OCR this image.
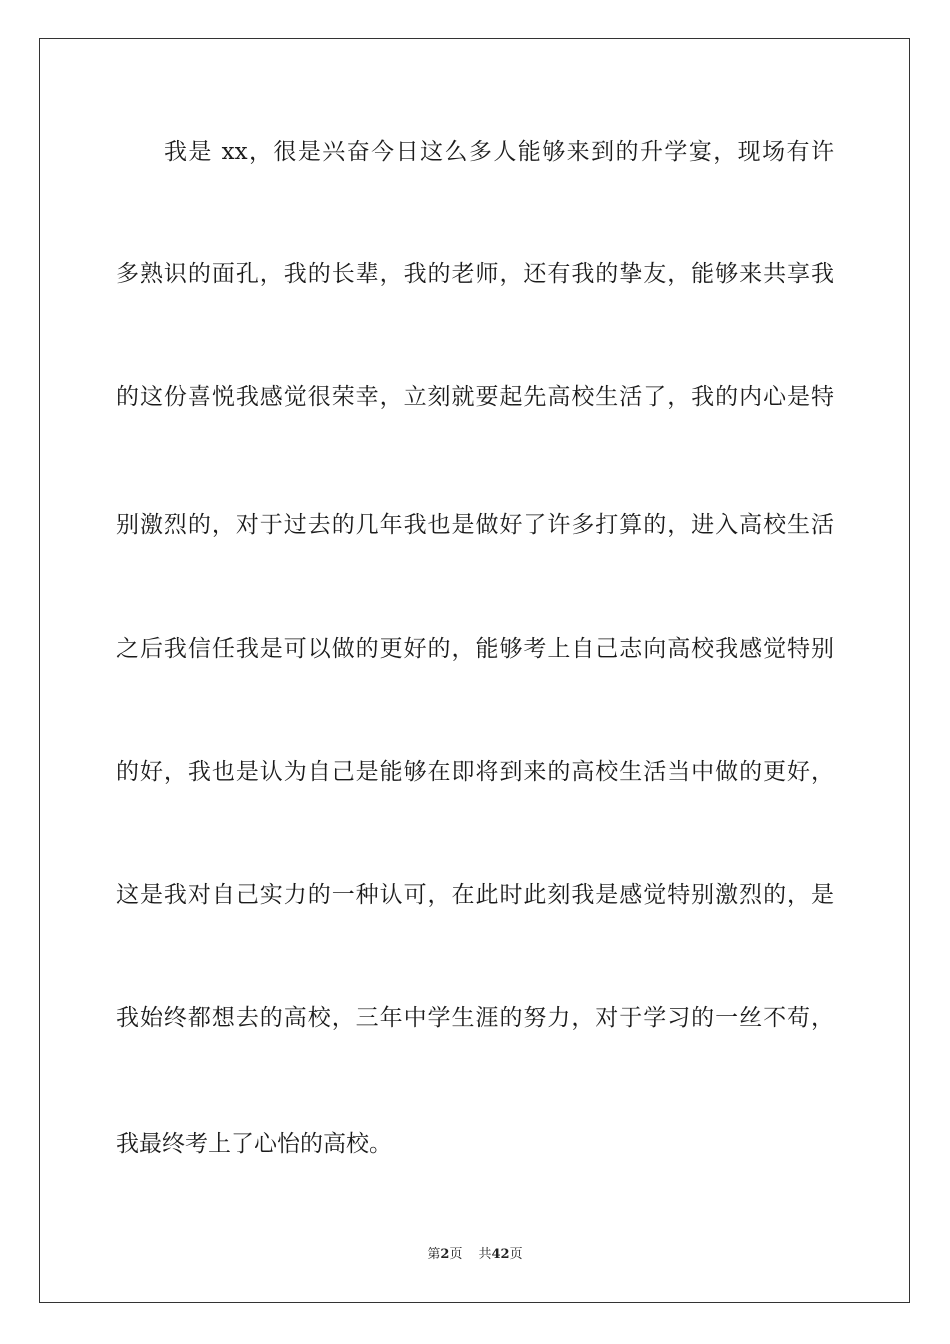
我是 xx，很是兴奋今日这么多人能够来到的升学宴，现场有许
多熟识的面孔，我的长辈，我的老师，还有我的挚友，能够来共享我
的这份喜悦我感觉很荣幸，立刻就要起先高校生活了，我的内心是特
别激烈的，对于过去的几年我也是做好了许多打算的，进入高校生活
之后我信任我是可以做的更好的，能够考上自己志向高校我感觉特别
的好，我也是认为自己是能够在即将到来的高校生活当中做的更好，
这是我对自己实力的一种认可，在此时此刻我是感觉特别激烈的，是
我始终都想去的高校，三年中学生涯的努力，对于学习的一丝不苟，
我最终考上了心怡的高校。
第2页 共42页
